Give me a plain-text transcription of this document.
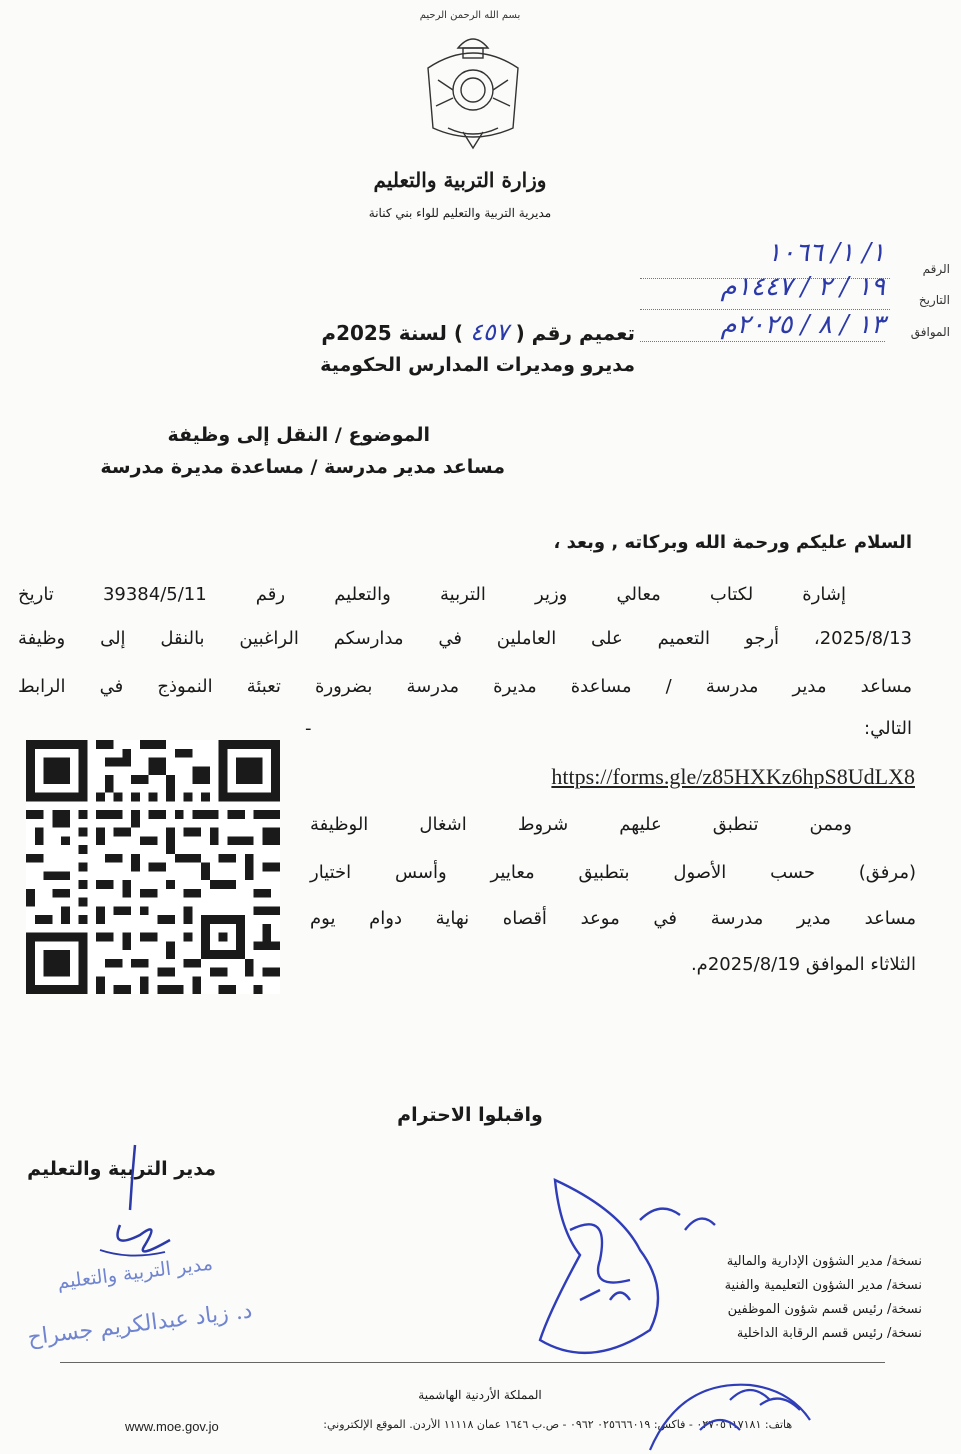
بسم الله الرحمن الرحيم
وزارة التربية والتعليم
مديرية التربية والتعليم للواء بني كنانة
الرقم
التاريخ
الموافق
١/ ١/ ١٠٦٦
١٩ / ٢ / ١٤٤٧م
١٣ / ٨ / ٢٠٢٥م
تعميم رقم ( ٤٥٧ ) لسنة 2025م
مديرو ومديرات المدارس الحكومية
الموضوع / النقل إلى وظيفة
مساعد مدير مدرسة / مساعدة مديرة مدرسة
السلام عليكم ورحمة الله وبركاته , وبعد ،
إشارة لكتاب معالي وزير التربية والتعليم رقم 39384/5/11 تاريخ
2025/8/13، أرجو التعميم على العاملين في مدارسكم الراغبين بالنقل إلى وظيفة
مساعد مدير مدرسة / مساعدة مديرة مدرسة بضرورة تعبئة النموذج في الرابط
التالي: -
https://forms.gle/z85HXKz6hpS8UdLX8
وممن تنطبق عليهم شروط اشغال الوظيفة
(مرفق) حسب الأصول بتطبيق معايير وأسس اختيار
مساعد مدير مدرسة في موعد أقصاه نهاية دوام يوم
الثلاثاء الموافق 2025/8/19م.
واقبلوا الاحترام
مدير التربية والتعليم
مدير التربية والتعليم
د. زياد عبدالكريم جسراح
نسخة/ مدير الشؤون الإدارية والمالية
نسخة/ مدير الشؤون التعليمية والفنية
نسخة/ رئيس قسم شؤون الموظفين
نسخة/ رئيس قسم الرقابة الداخلية
المملكة الأردنية الهاشمية
www.moe.gov.jo	هاتف: ٠٢٧٠٥٦١٧١٨١ - فاكس: ٠٢٥٦٦٦٠١٩ ٠٩٦٢ - ص.ب ١٦٤٦ عمان ١١١١٨ الأردن. الموقع الإلكتروني:
